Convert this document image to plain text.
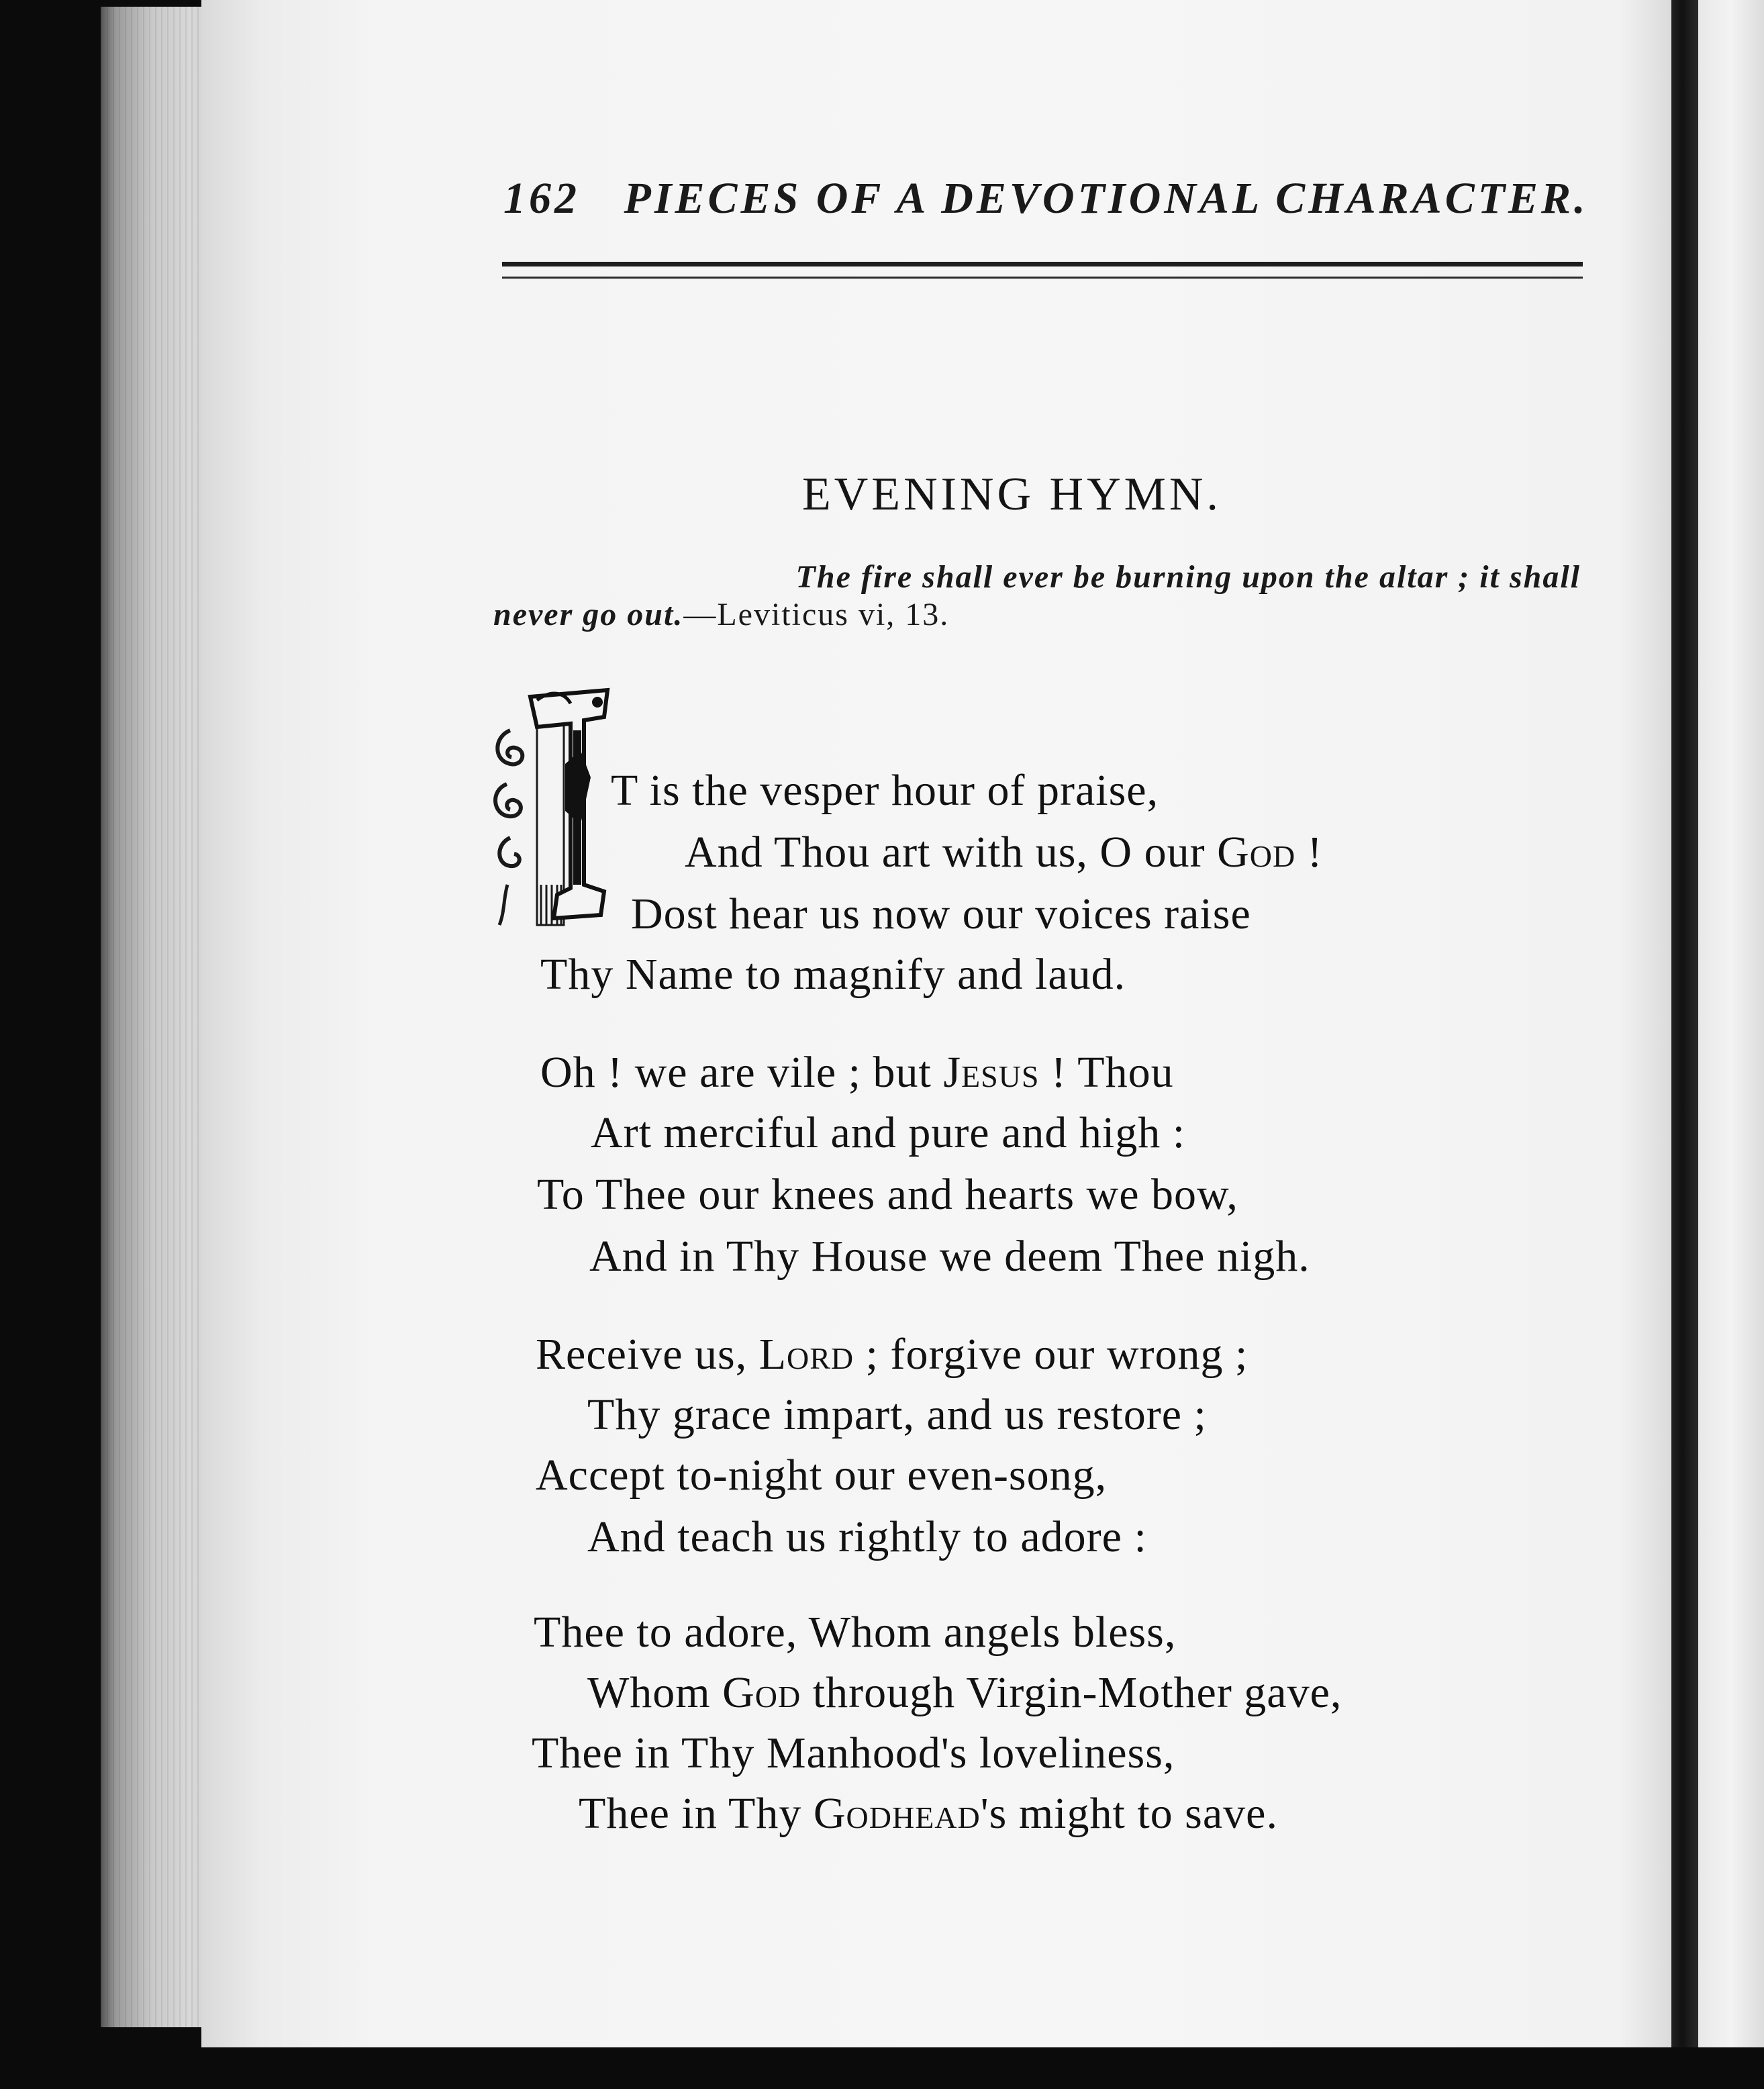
162 PIECES OF A DEVOTIONAL CHARACTER.
EVENING HYMN.
The fire shall ever be burning upon the altar ; it shall
never go out.—Leviticus vi, 13.
T is the vesper hour of praise,
And Thou art with us, O our God !
Dost hear us now our voices raise
Thy Name to magnify and laud.
Oh ! we are vile ; but Jesus ! Thou
Art merciful and pure and high :
To Thee our knees and hearts we bow,
And in Thy House we deem Thee nigh.
Receive us, Lord ; forgive our wrong ;
Thy grace impart, and us restore ;
Accept to-night our even-song,
And teach us rightly to adore :
Thee to adore, Whom angels bless,
Whom God through Virgin-Mother gave,
Thee in Thy Manhood's loveliness,
Thee in Thy Godhead's might to save.
